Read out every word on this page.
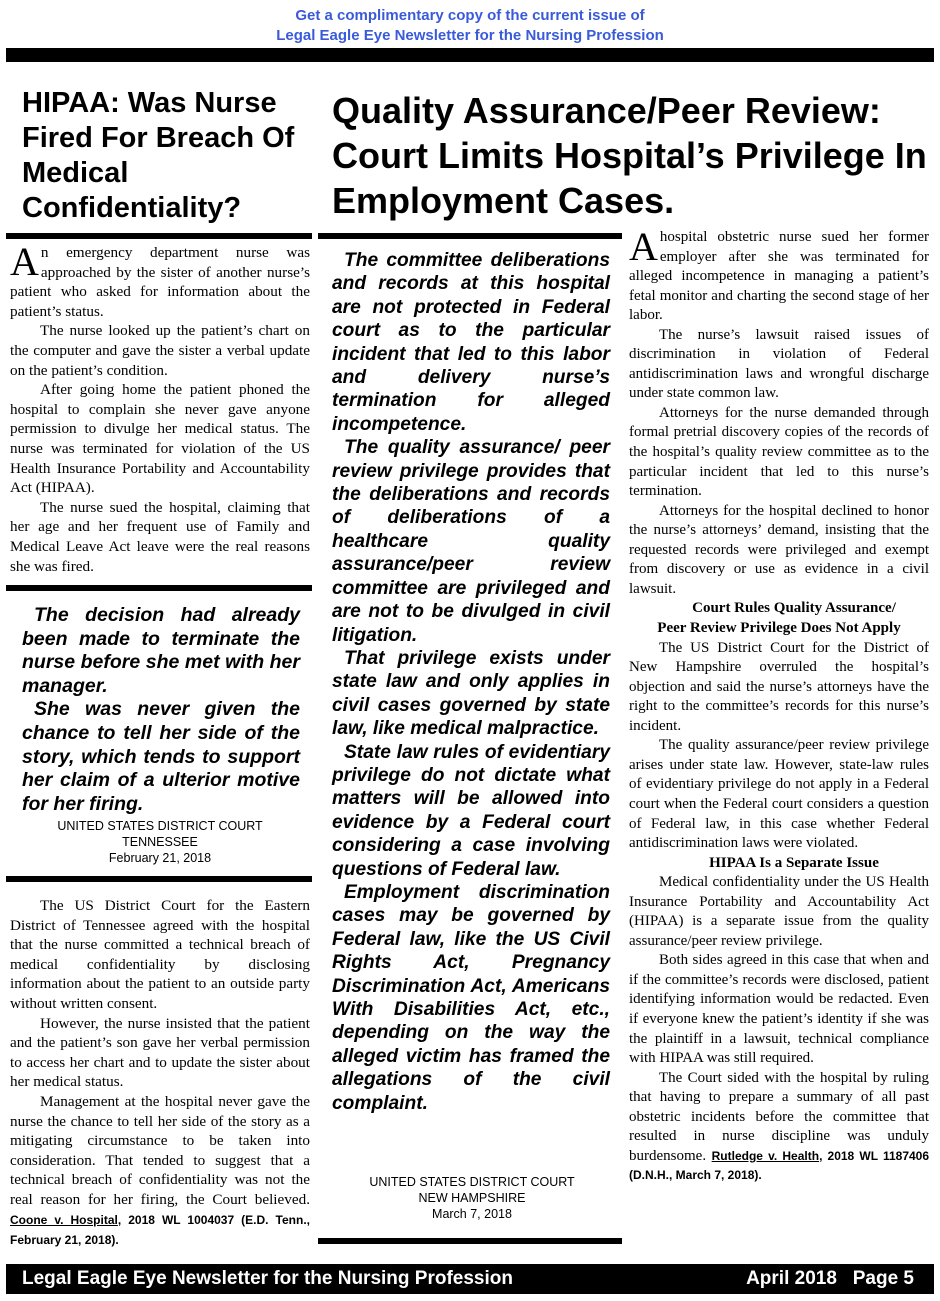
Get a complimentary copy of the current issue of
Legal Eagle Eye Newsletter for the Nursing Profession
HIPAA: Was Nurse Fired For Breach Of Medical Confidentiality?
Quality Assurance/Peer Review: Court Limits Hospital’s Privilege In Employment Cases.

An emergency department nurse was approached by the sister of another nurse’s patient who asked for information about the patient’s status.

The nurse looked up the patient’s chart on the computer and gave the sister a verbal update on the patient’s condition.

After going home the patient phoned the hospital to complain she never gave anyone permission to divulge her medical status. The nurse was terminated for violation of the US Health Insurance Portability and Accountability Act (HIPAA).

The nurse sued the hospital, claiming that her age and her frequent use of Family and Medical Leave Act leave were the real reasons she was fired.

The decision had already been made to terminate the nurse before she met with her manager.

She was never given the chance to tell her side of the story, which tends to support her claim of a ulterior motive for her firing.

UNITED STATES DISTRICT COURT
TENNESSEE
February 21, 2018

The US District Court for the Eastern District of Tennessee agreed with the hospital that the nurse committed a technical breach of medical confidentiality by disclosing information about the patient to an outside party without written consent.

However, the nurse insisted that the patient and the patient’s son gave her verbal permission to access her chart and to update the sister about her medical status.

Management at the hospital never gave the nurse the chance to tell her side of the story as a mitigating circumstance to be taken into consideration. That tended to suggest that a technical breach of confidentiality was not the real reason for her firing, the Court believed. Coone v. Hospital, 2018 WL 1004037 (E.D. Tenn., February 21, 2018).

The committee deliberations and records at this hospital are not protected in Federal court as to the particular incident that led to this labor and delivery nurse’s termination for alleged incompetence.

The quality assurance/ peer review privilege provides that the deliberations and records of deliberations of a healthcare quality assurance/peer review committee are privileged and are not to be divulged in civil litigation.

That privilege exists under state law and only applies in civil cases governed by state law, like medical malpractice.

State law rules of evidentiary privilege do not dictate what matters will be allowed into evidence by a Federal court considering a case involving questions of Federal law.

Employment discrimination cases may be governed by Federal law, like the US Civil Rights Act, Pregnancy Discrimination Act, Americans With Disabilities Act, etc., depending on the way the alleged victim has framed the allegations of the civil complaint.

UNITED STATES DISTRICT COURT
NEW HAMPSHIRE
March 7, 2018

Ahospital obstetric nurse sued her former employer after she was terminated for alleged incompetence in managing a patient’s fetal monitor and charting the second stage of her labor.

The nurse’s lawsuit raised issues of discrimination in violation of Federal antidiscrimination laws and wrongful discharge under state common law.

Attorneys for the nurse demanded through formal pretrial discovery copies of the records of the hospital’s quality review committee as to the particular incident that led to this nurse’s termination.

Attorneys for the hospital declined to honor the nurse’s attorneys’ demand, insisting that the requested records were privileged and exempt from discovery or use as evidence in a civil lawsuit.

Court Rules Quality Assurance/
Peer Review Privilege Does Not Apply

The US District Court for the District of New Hampshire overruled the hospital’s objection and said the nurse’s attorneys have the right to the committee’s records for this nurse’s incident.

The quality assurance/peer review privilege arises under state law. However, state-law rules of evidentiary privilege do not apply in a Federal court when the Federal court considers a question of Federal law, in this case whether Federal antidiscrimination laws were violated.

HIPAA Is a Separate Issue

Medical confidentiality under the US Health Insurance Portability and Accountability Act (HIPAA) is a separate issue from the quality assurance/peer review privilege.

Both sides agreed in this case that when and if the committee’s records were disclosed, patient identifying information would be redacted. Even if everyone knew the patient’s identity if she was the plaintiff in a lawsuit, technical compliance with HIPAA was still required.

The Court sided with the hospital by ruling that having to prepare a summary of all past obstetric incidents before the committee that resulted in nurse discipline was unduly burdensome. Rutledge v. Health, 2018 WL 1187406 (D.N.H., March 7, 2018).

Legal Eagle Eye Newsletter for the Nursing Profession	April 2018   Page 5
